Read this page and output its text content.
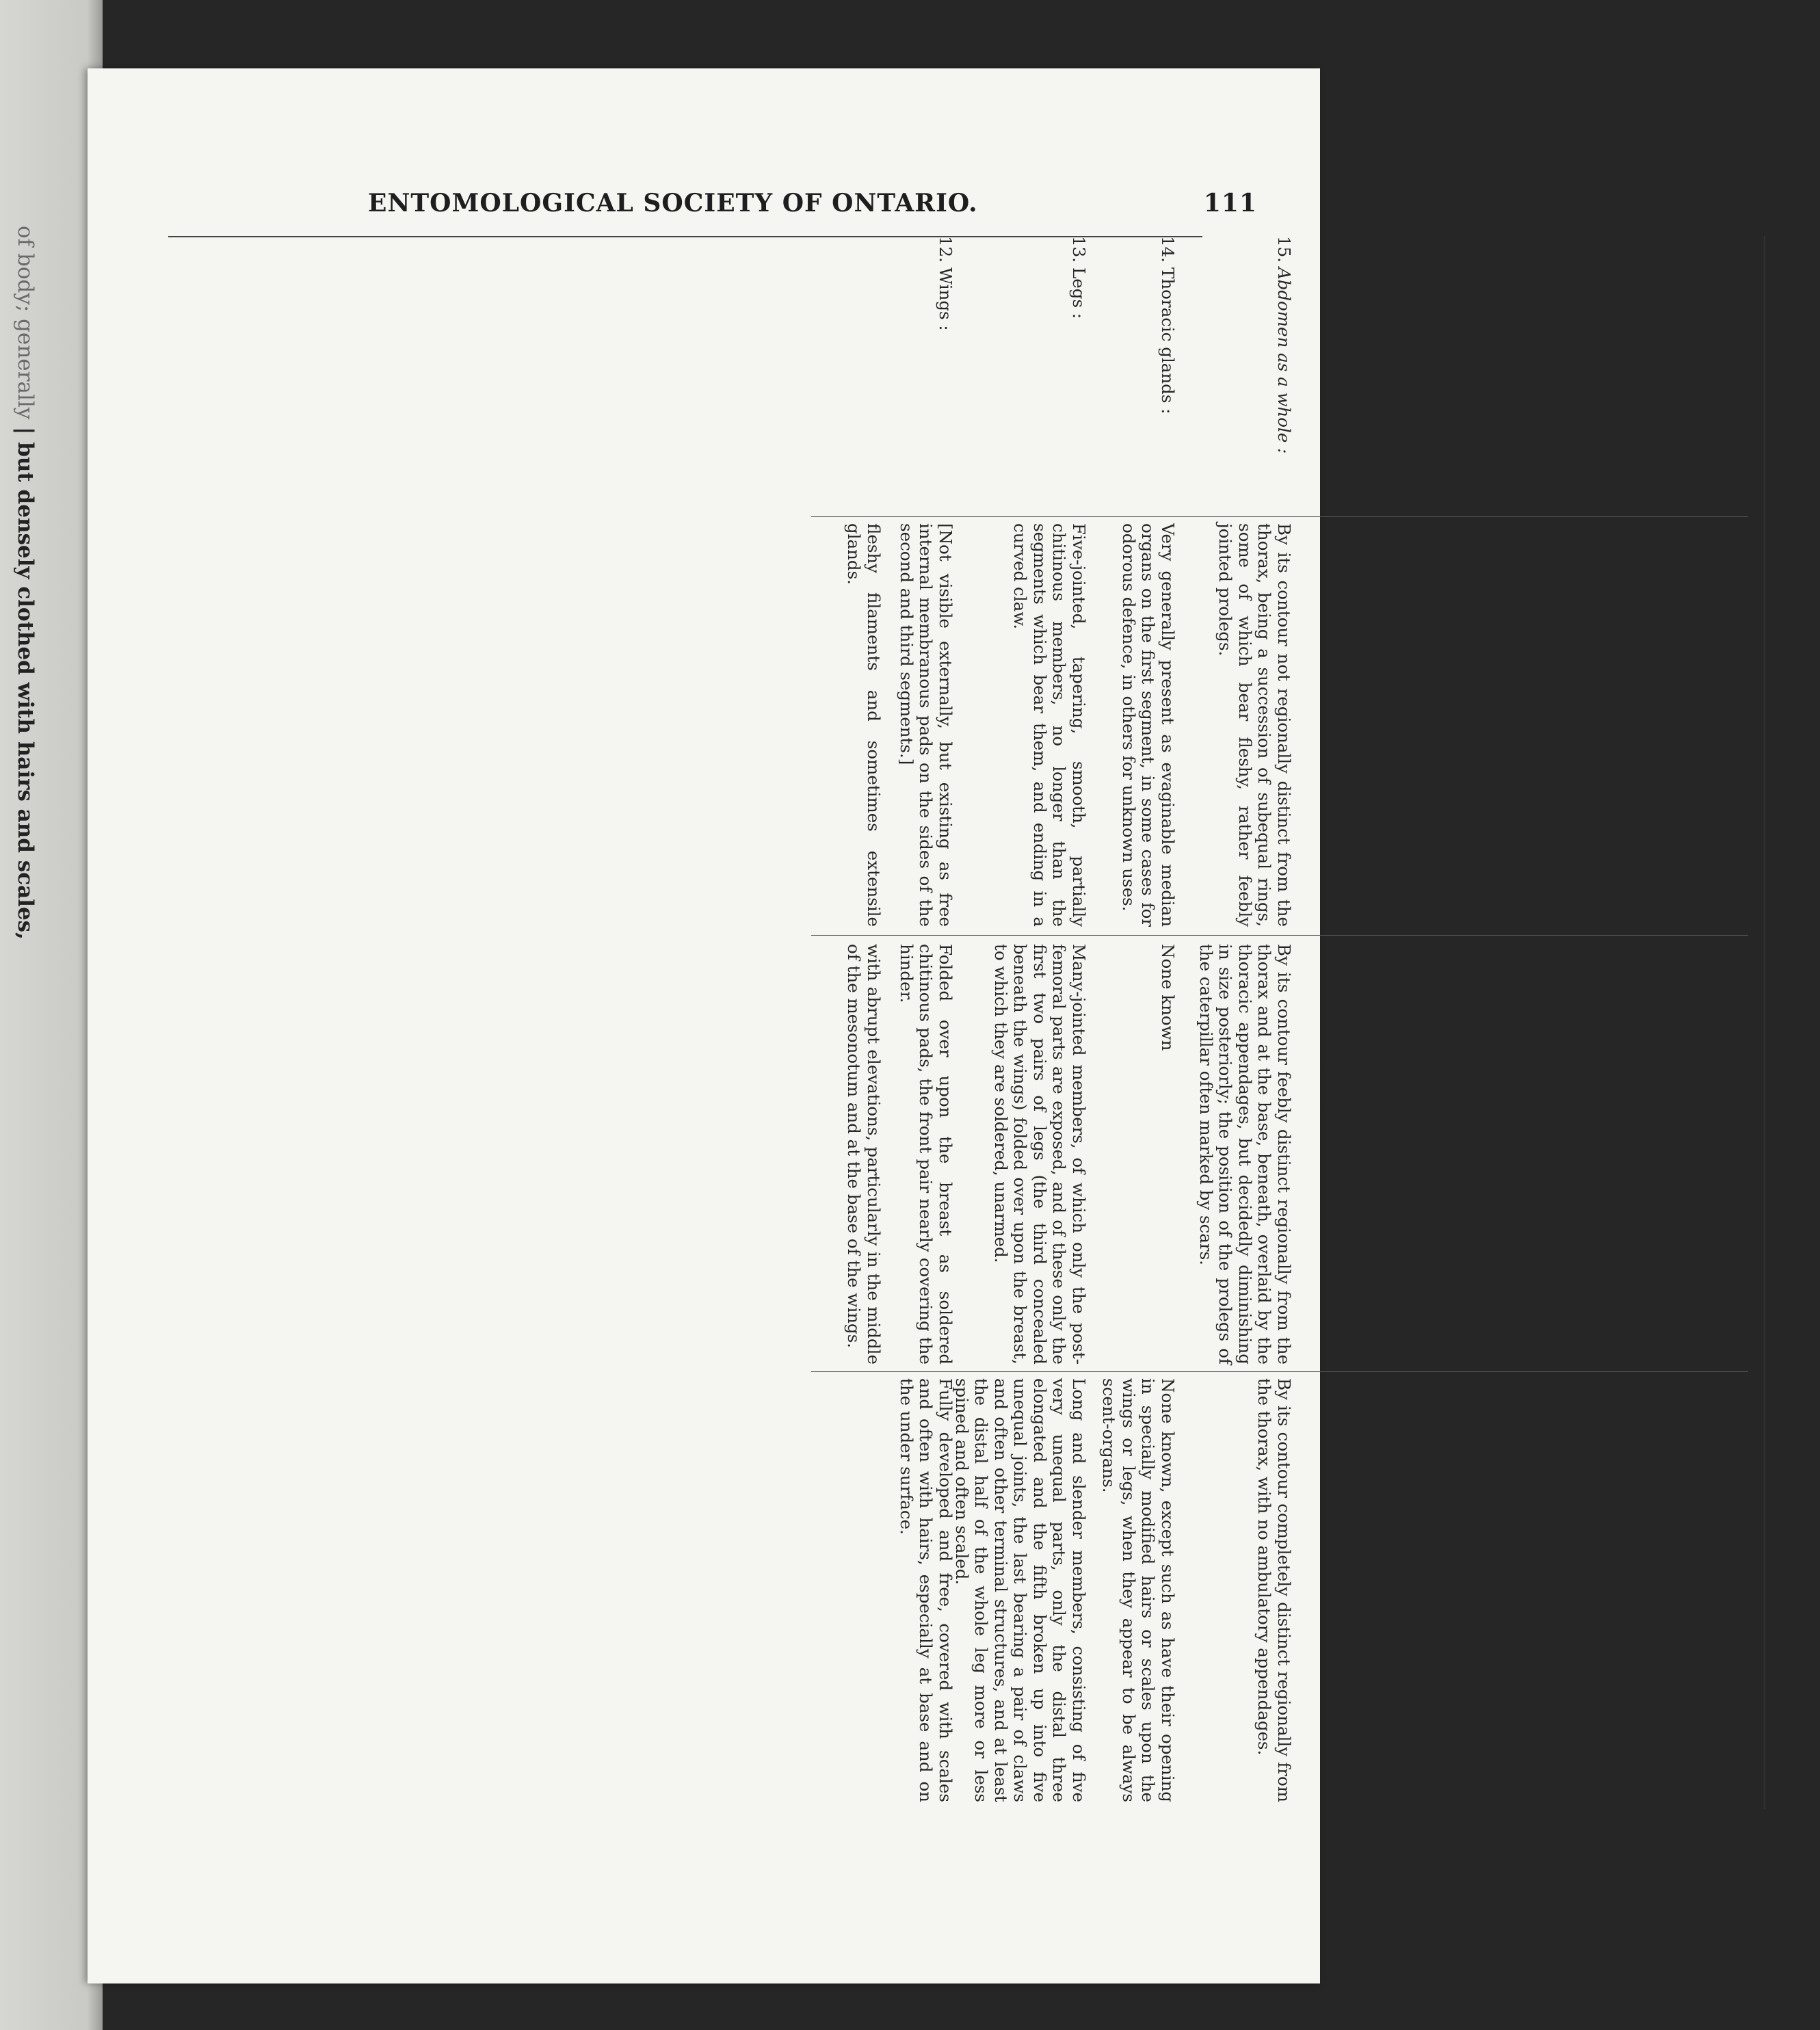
of body; generally | but densely clothed with hairs and scales,
ENTOMOLOGICAL SOCIETY OF ONTARIO.	111
* See Kellogg's recent discussion in the Kans. Univ. quart., ii. 55.
† The chrysalis of one of the Heliconians is known to attract the attention of the mature oppo-
site sex, but only shortly before the appearance of the imago, when any
attracting odors must arise from glands, strictly imaginal, the odors piercing the chrysalis shell.
19.Abdominal glands :
Often situated on some of the segments of the terminal half of the abdomen, either as median or paired organs, and subserving different uses, such as honey secreting or warning organs, or scent emitters.
None are known. †
Present occasionally, especially on the last two segments, generally as evaginable and odorous organs; but apparently in no case as developments of those found in the larval stage, abdominal scent organs rarely or never occurring in the same insect in two stages.
18.Spiracles of abdomen :
Situated one pair to a segment on the sides of the first to the eighth segments, the last pair sometimes placed at a higher level than the others.
As in the caterpillar, excepting on the eighth segment, where the spiracles have disappeared.
As in the chrysalis.
17.The terminal segments :
Besides an anal pair of prolegs, the upper portion of the terminal segment forms an anal plate of different form from the other segments.
Developed as a specially constructed cremaster, usually armed with hooks for the suspension of the chrysalis.
These segments are developed in the female into specially formed parts serving as ovipositor and vaginal vestibule; and in the male bear clasping organs both median and lateral of great diversity of form and armature, the latter often very complex.
16.Its surface and clothing :
Similar to that of the thorax in the same stage.
Similar to that of the thorax in the same stage, but less frequently with special elevations, though these are sometimes very marked and most commonly longitudinally disposed.
Smooth and even, without elevations, densely clothed with scales.
15.Abdomen as a whole :
By its contour not regionally distinct from the thorax, being a succession of subequal rings, some of which bear fleshy, rather feebly jointed prolegs.
By its contour feebly distinct regionally from the thorax and at the base, beneath, overlaid by the thoracic appendages, but decidedly diminishing in size posteriorly; the position of the prolegs of the caterpillar often marked by scars.
By its contour completely distinct regionally from the thorax, with no ambulatory appendages.
14.Thoracic glands :
Very generally present as evaginable median organs on the first segment, in some cases for odorous defence, in others for unknown uses.
None known
None known, except such as have their opening in specially modified hairs or scales upon the wings or legs, when they appear to be always scent-organs.
13.Legs :
Five-jointed, tapering, smooth, partially chitinous members, no longer than the segments which bear them, and ending in a curved claw.
Many-jointed members, of which only the post-femoral parts are exposed, and of these only the first two pairs of legs (the third concealed beneath the wings) folded over upon the breast, to which they are soldered, unarmed.
Long and slender members, consisting of five very unequal parts, only the distal three elongated and the fifth broken up into five unequal joints, the last bearing a pair of claws and often other terminal structures, and at least the distal half of the whole leg more or less spined and often scaled.
12.Wings :
[Not visible externally, but existing as free internal membranous pads on the sides of the second and third segments.]
Folded over upon the breast as soldered chitinous pads, the front pair nearly covering the hinder.
Fully developed and free, covered with scales and often with hairs, especially at base and on the under surface.
fleshy filaments and sometimes extensile glands.
with abrupt elevations, particularly in the middle of the mesonotum and at the base of the wings.
